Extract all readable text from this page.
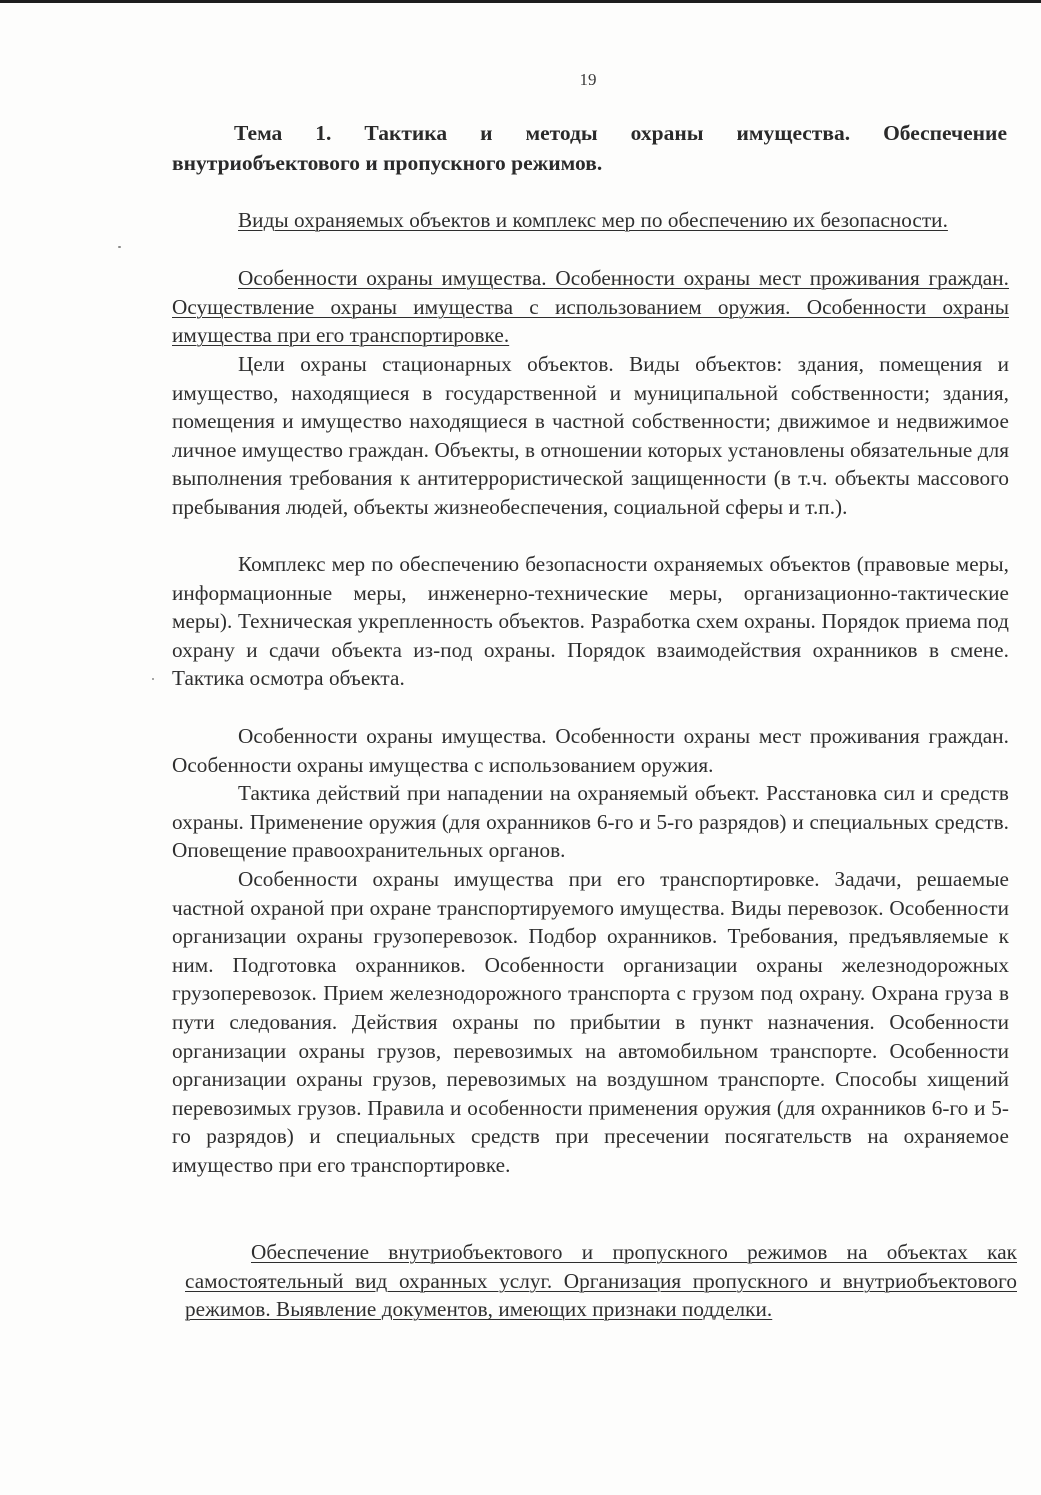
19
Тема 1. Тактика и методы охраны имущества. Обеспечение внутриобъектового и пропускного режимов.

Виды охраняемых объектов и комплекс мер по обеспечению их безопасности.

Особенности охраны имущества. Особенности охраны мест проживания граждан. Осуществление охраны имущества с использованием оружия. Особенности охраны имущества при его транспортировке.

Цели охраны стационарных объектов. Виды объектов: здания, помещения и имущество, находящиеся в государственной и муниципальной собственности; здания, помещения и имущество находящиеся в частной собственности; движимое и недвижимое личное имущество граждан. Объекты, в отношении которых установлены обязательные для выполнения требования к антитеррористической защищенности (в т.ч. объекты массового пребывания людей, объекты жизнеобеспечения, социальной сферы и т.п.).

Комплекс мер по обеспечению безопасности охраняемых объектов (правовые меры, информационные меры, инженерно-технические меры, организационно-тактические меры). Техническая укрепленность объектов. Разработка схем охраны. Порядок приема под охрану и сдачи объекта из-под охраны. Порядок взаимодействия охранников в смене. Тактика осмотра объекта.

Особенности охраны имущества. Особенности охраны мест проживания граждан. Особенности охраны имущества с использованием оружия.

Тактика действий при нападении на охраняемый объект. Расстановка сил и средств охраны. Применение оружия (для охранников 6-го и 5-го разрядов) и специальных средств. Оповещение правоохранительных органов.

Особенности охраны имущества при его транспортировке. Задачи, решаемые частной охраной при охране транспортируемого имущества. Виды перевозок. Особенности организации охраны грузоперевозок. Подбор охранников. Требования, предъявляемые к ним. Подготовка охранников. Особенности организации охраны железнодорожных грузоперевозок. Прием железнодорожного транспорта с грузом под охрану. Охрана груза в пути следования. Действия охраны по прибытии в пункт назначения. Особенности организации охраны грузов, перевозимых на автомобильном транспорте. Особенности организации охраны грузов, перевозимых на воздушном транспорте. Способы хищений перевозимых грузов. Правила и особенности применения оружия (для охранников 6-го и 5-го разрядов) и специальных средств при пресечении посягательств на охраняемое имущество при его транспортировке.

Обеспечение внутриобъектового и пропускного режимов на объектах как самостоятельный вид охранных услуг. Организация пропускного и внутриобъектового режимов. Выявление документов, имеющих признаки подделки.
